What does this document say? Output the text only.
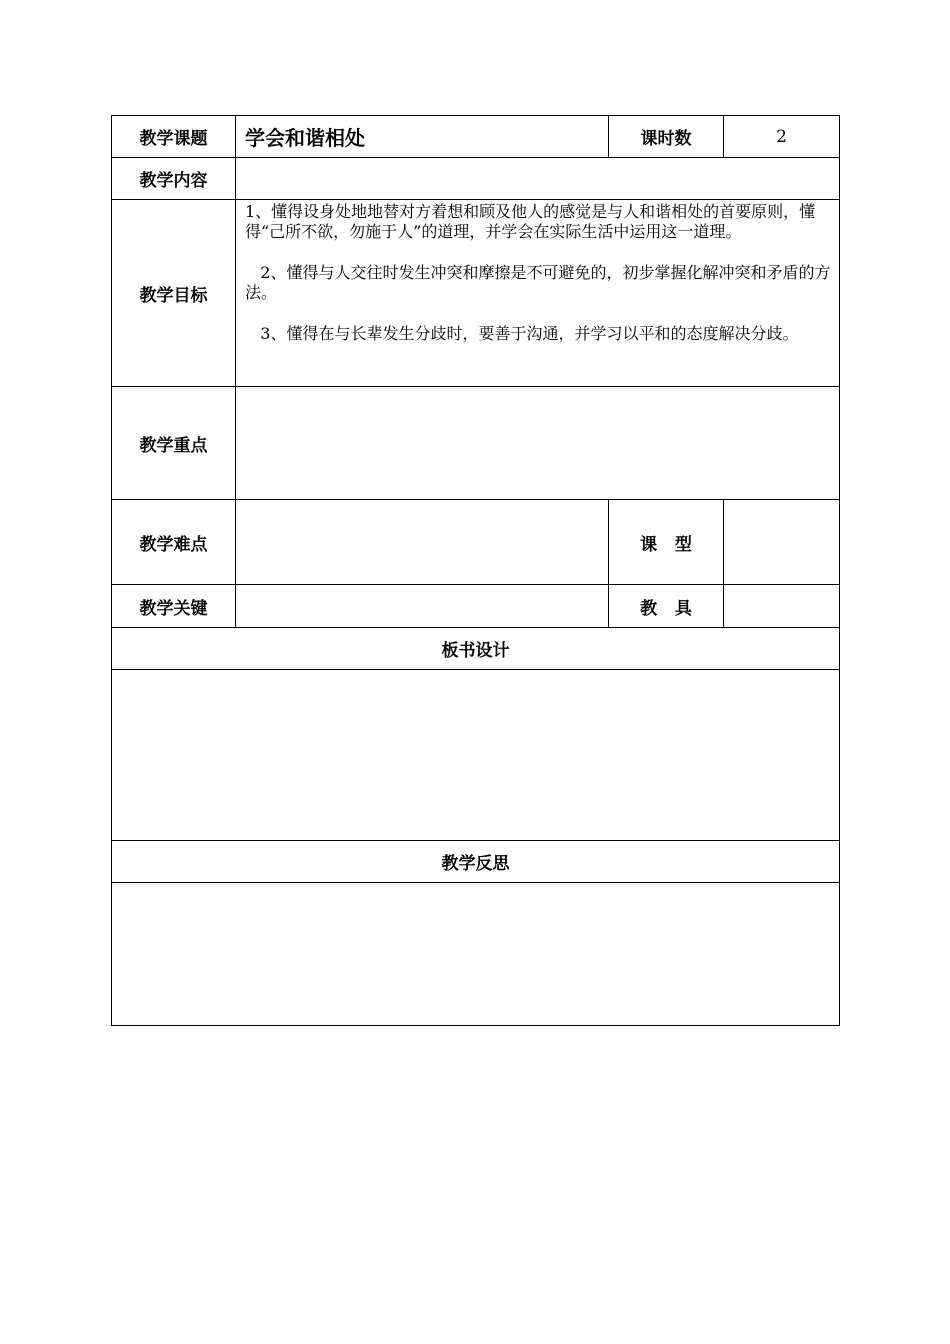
教学课题	学会和谐相处	课时数	2
教学内容			
教学目标	1、懂得设身处地地替对方着想和顾及他人的感觉是与人和谐相处的首要原则，懂得“己所不欲，勿施于人”的道理，并学会在实际生活中运用这一道理。

2、懂得与人交往时发生冲突和摩擦是不可避免的，初步掌握化解冲突和矛盾的方法。

3、懂得在与长辈发生分歧时，要善于沟通，并学习以平和的态度解决分歧。		

教学重点			
教学难点		课   型	
教学关键		教   具	
板书设计			

教学反思			
